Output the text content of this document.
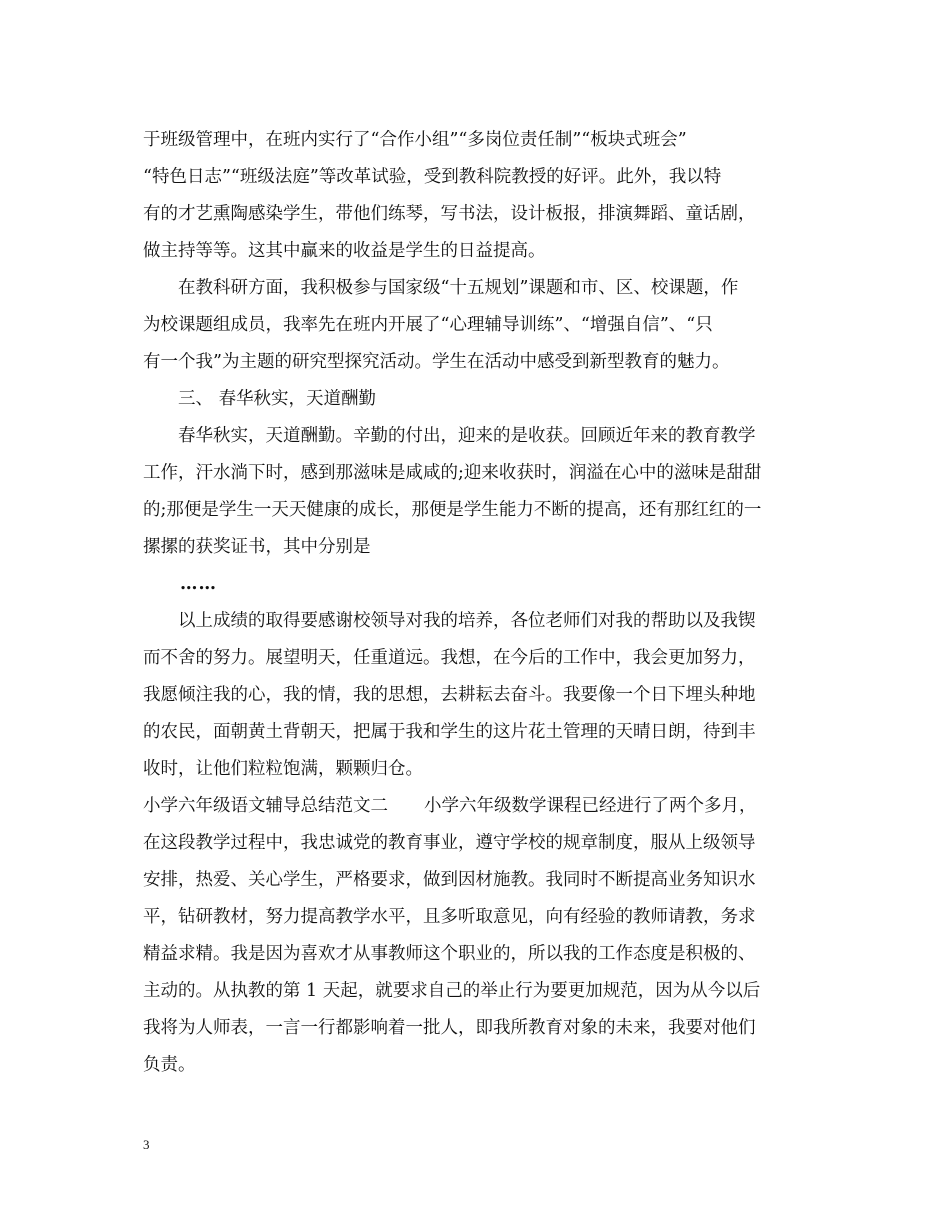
于班级管理中，在班内实行了“合作小组”“多岗位责任制”“板块式班会”
“特色日志”“班级法庭”等改革试验，受到教科院教授的好评。此外，我以特
有的才艺熏陶感染学生，带他们练琴，写书法，设计板报，排演舞蹈、童话剧，
做主持等等。这其中赢来的收益是学生的日益提高。
在教科研方面，我积极参与国家级“十五规划”课题和市、区、校课题，作
为校课题组成员，我率先在班内开展了“心理辅导训练”、“增强自信”、“只
有一个我”为主题的研究型探究活动。学生在活动中感受到新型教育的魅力。
三、 春华秋实，天道酬勤
春华秋实，天道酬勤。辛勤的付出，迎来的是收获。回顾近年来的教育教学
工作，汗水淌下时，感到那滋味是咸咸的;迎来收获时，润溢在心中的滋味是甜甜
的;那便是学生一天天健康的成长，那便是学生能力不断的提高，还有那红红的一
摞摞的获奖证书，其中分别是
……
以上成绩的取得要感谢校领导对我的培养，各位老师们对我的帮助以及我锲
而不舍的努力。展望明天，任重道远。我想，在今后的工作中，我会更加努力，
我愿倾注我的心，我的情，我的思想，去耕耘去奋斗。我要像一个日下埋头种地
的农民，面朝黄土背朝天，把属于我和学生的这片花土管理的天晴日朗，待到丰
收时，让他们粒粒饱满，颗颗归仓。
小学六年级语文辅导总结范文二 小学六年级数学课程已经进行了两个多月，
在这段教学过程中，我忠诚党的教育事业，遵守学校的规章制度，服从上级领导
安排，热爱、关心学生，严格要求，做到因材施教。我同时不断提高业务知识水
平，钻研教材，努力提高教学水平，且多听取意见，向有经验的教师请教，务求
精益求精。我是因为喜欢才从事教师这个职业的，所以我的工作态度是积极的、
主动的。从执教的第 1 天起，就要求自己的举止行为要更加规范，因为从今以后
我将为人师表，一言一行都影响着一批人，即我所教育对象的未来，我要对他们
负责。
3
